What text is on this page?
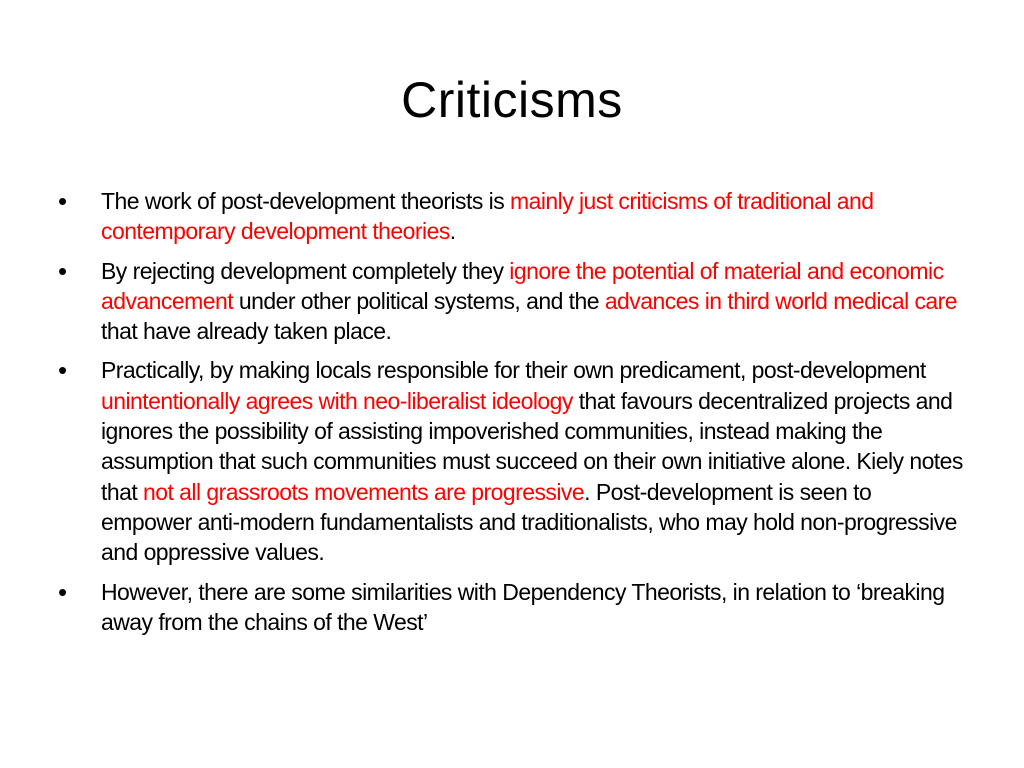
Criticisms
•	The work of post-development theorists is mainly just criticisms of traditional and contemporary development theories.
•	By rejecting development completely they ignore the potential of material and economic advancement under other political systems, and the advances in third world medical care that have already taken place.
•	Practically, by making locals responsible for their own predicament, post-development unintentionally agrees with neo-liberalist ideology that favours decentralized projects and ignores the possibility of assisting impoverished communities, instead making the assumption that such communities must succeed on their own initiative alone. Kiely notes that not all grassroots movements are progressive. Post-development is seen to empower anti-modern fundamentalists and traditionalists, who may hold non-progressive and oppressive values.
•	However, there are some similarities with Dependency Theorists, in relation to ‘breaking away from the chains of the West’
